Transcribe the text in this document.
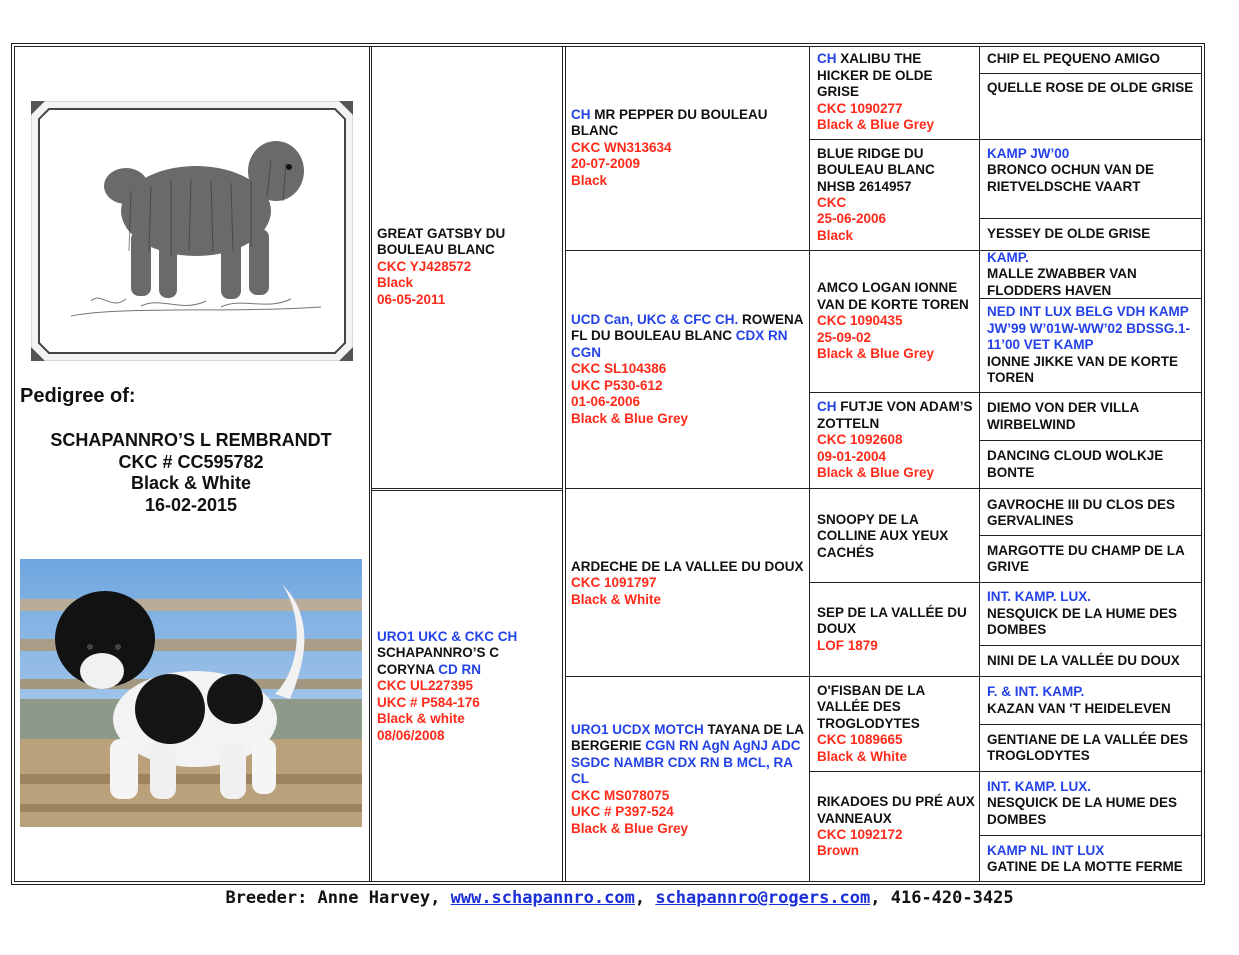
Pedigree of:
SCHAPANNRO’S L REMBRANDT
CKC # CC595782
Black & White
16-02-2015
GREAT GATSBY DU BOULEAU BLANC
CKC YJ428572
Black
06-05-2011
URO1 UKC & CKC CH
SCHAPANNRO’S C
CORYNA CD RN
CKC UL227395
UKC # P584-176
Black & white
08/06/2008
CH MR PEPPER DU BOULEAU BLANC
CKC WN313634
20-07-2009
Black
UCD Can, UKC & CFC CH. ROWENA FL DU BOULEAU BLANC CDX RN CGN
CKC SL104386
UKC P530-612
01-06-2006
Black & Blue Grey
ARDECHE DE LA VALLEE DU DOUX
CKC 1091797
Black & White
URO1 UCDX MOTCH TAYANA DE LA BERGERIE CGN RN AgN AgNJ ADC SGDC NAMBR CDX RN B MCL, RA CL
CKC MS078075
UKC # P397-524
Black & Blue Grey
CH XALIBU THE HICKER DE OLDE GRISE
CKC 1090277
Black & Blue Grey
BLUE RIDGE DU BOULEAU BLANC
NHSB 2614957
CKC
25-06-2006
Black
AMCO LOGAN IONNE VAN DE KORTE TOREN
CKC 1090435
25-09-02
Black & Blue Grey
CH FUTJE VON ADAM’S ZOTTELN
CKC 1092608
09-01-2004
Black & Blue Grey
SNOOPY DE LA COLLINE AUX YEUX CACHÉS
SEP DE LA VALLÉE DU DOUX
LOF 1879
O'FISBAN DE LA VALLÉE DES TROGLODYTES
CKC 1089665
Black & White
RIKADOES DU PRÉ AUX VANNEAUX
CKC 1092172
Brown
CHIP EL PEQUENO AMIGO
QUELLE ROSE DE OLDE GRISE
KAMP JW’00
BRONCO OCHUN VAN DE RIETVELDSCHE VAART
YESSEY DE OLDE GRISE
KAMP.
MALLE ZWABBER VAN FLODDERS HAVEN
NED INT LUX BELG VDH KAMP JW’99 W’01W-WW’02 BDSSG.1-11’00 VET KAMP
IONNE JIKKE VAN DE KORTE TOREN
DIEMO VON DER VILLA WIRBELWIND
DANCING CLOUD WOLKJE BONTE
GAVROCHE III DU CLOS DES GERVALINES
MARGOTTE DU CHAMP DE LA GRIVE
INT. KAMP. LUX.
NESQUICK DE LA HUME DES DOMBES
NINI DE LA VALLÉE DU DOUX
F. & INT. KAMP.
KAZAN VAN 'T HEIDELEVEN
GENTIANE DE LA VALLÉE DES TROGLODYTES
INT. KAMP. LUX.
NESQUICK DE LA HUME DES DOMBES
KAMP NL INT LUX
GATINE DE LA MOTTE FERME
Breeder: Anne Harvey, www.schapannro.com, schapannro@rogers.com, 416-420-3425
